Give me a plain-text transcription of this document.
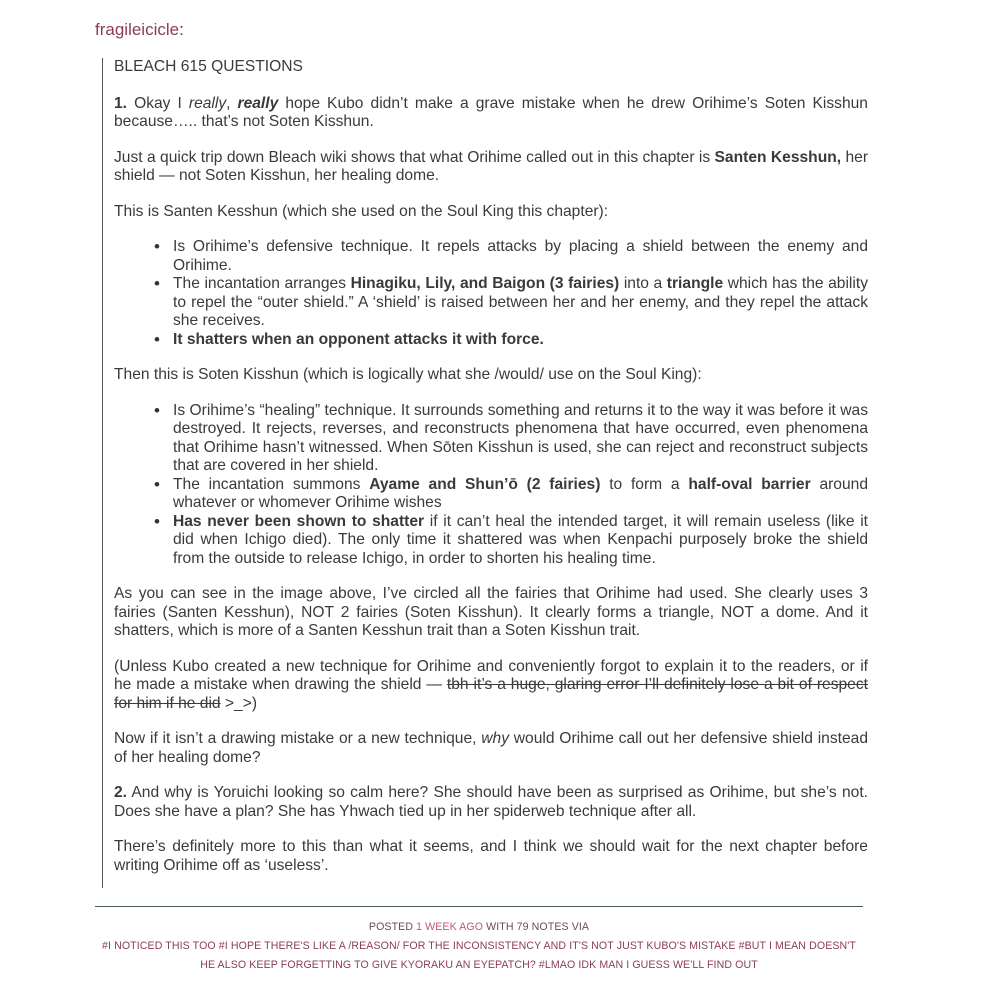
fragileicicle:

BLEACH 615 QUESTIONS

1. Okay I really, really hope Kubo didn’t make a grave mistake when he drew Orihime’s Soten Kisshun because….. that’s not Soten Kisshun.

Just a quick trip down Bleach wiki shows that what Orihime called out in this chapter is Santen Kesshun, her shield — not Soten Kisshun, her healing dome.

This is Santen Kesshun (which she used on the Soul King this chapter):

• Is Orihime’s defensive technique. It repels attacks by placing a shield between the enemy and Orihime.
• The incantation arranges Hinagiku, Lily, and Baigon (3 fairies) into a triangle which has the ability to repel the “outer shield.” A ‘shield’ is raised between her and her enemy, and they repel the attack she receives.
• It shatters when an opponent attacks it with force.

Then this is Soten Kisshun (which is logically what she /would/ use on the Soul King):

• Is Orihime’s “healing” technique. It surrounds something and returns it to the way it was before it was destroyed. It rejects, reverses, and reconstructs phenomena that have occurred, even phenomena that Orihime hasn’t witnessed. When Sōten Kisshun is used, she can reject and reconstruct subjects that are covered in her shield.
• The incantation summons Ayame and Shun’ō (2 fairies) to form a half-oval barrier around whatever or whomever Orihime wishes
• Has never been shown to shatter if it can’t heal the intended target, it will remain useless (like it did when Ichigo died). The only time it shattered was when Kenpachi purposely broke the shield from the outside to release Ichigo, in order to shorten his healing time.

As you can see in the image above, I’ve circled all the fairies that Orihime had used. She clearly uses 3 fairies (Santen Kesshun), NOT 2 fairies (Soten Kisshun). It clearly forms a triangle, NOT a dome. And it shatters, which is more of a Santen Kesshun trait than a Soten Kisshun trait.

(Unless Kubo created a new technique for Orihime and conveniently forgot to explain it to the readers, or if he made a mistake when drawing the shield — tbh it’s a huge, glaring error I’ll definitely lose a bit of respect for him if he did >_>)

Now if it isn’t a drawing mistake or a new technique, why would Orihime call out her defensive shield instead of her healing dome?

2. And why is Yoruichi looking so calm here? She should have been as surprised as Orihime, but she’s not. Does she have a plan? She has Yhwach tied up in her spiderweb technique after all.

There’s definitely more to this than what it seems, and I think we should wait for the next chapter before writing Orihime off as ‘useless’.

POSTED 1 WEEK AGO WITH 79 NOTES VIA
#I NOTICED THIS TOO #I HOPE THERE'S LIKE A /REASON/ FOR THE INCONSISTENCY AND IT'S NOT JUST KUBO'S MISTAKE #BUT I MEAN DOESN'T HE ALSO KEEP FORGETTING TO GIVE KYORAKU AN EYEPATCH? #LMAO IDK MAN I GUESS WE'LL FIND OUT
